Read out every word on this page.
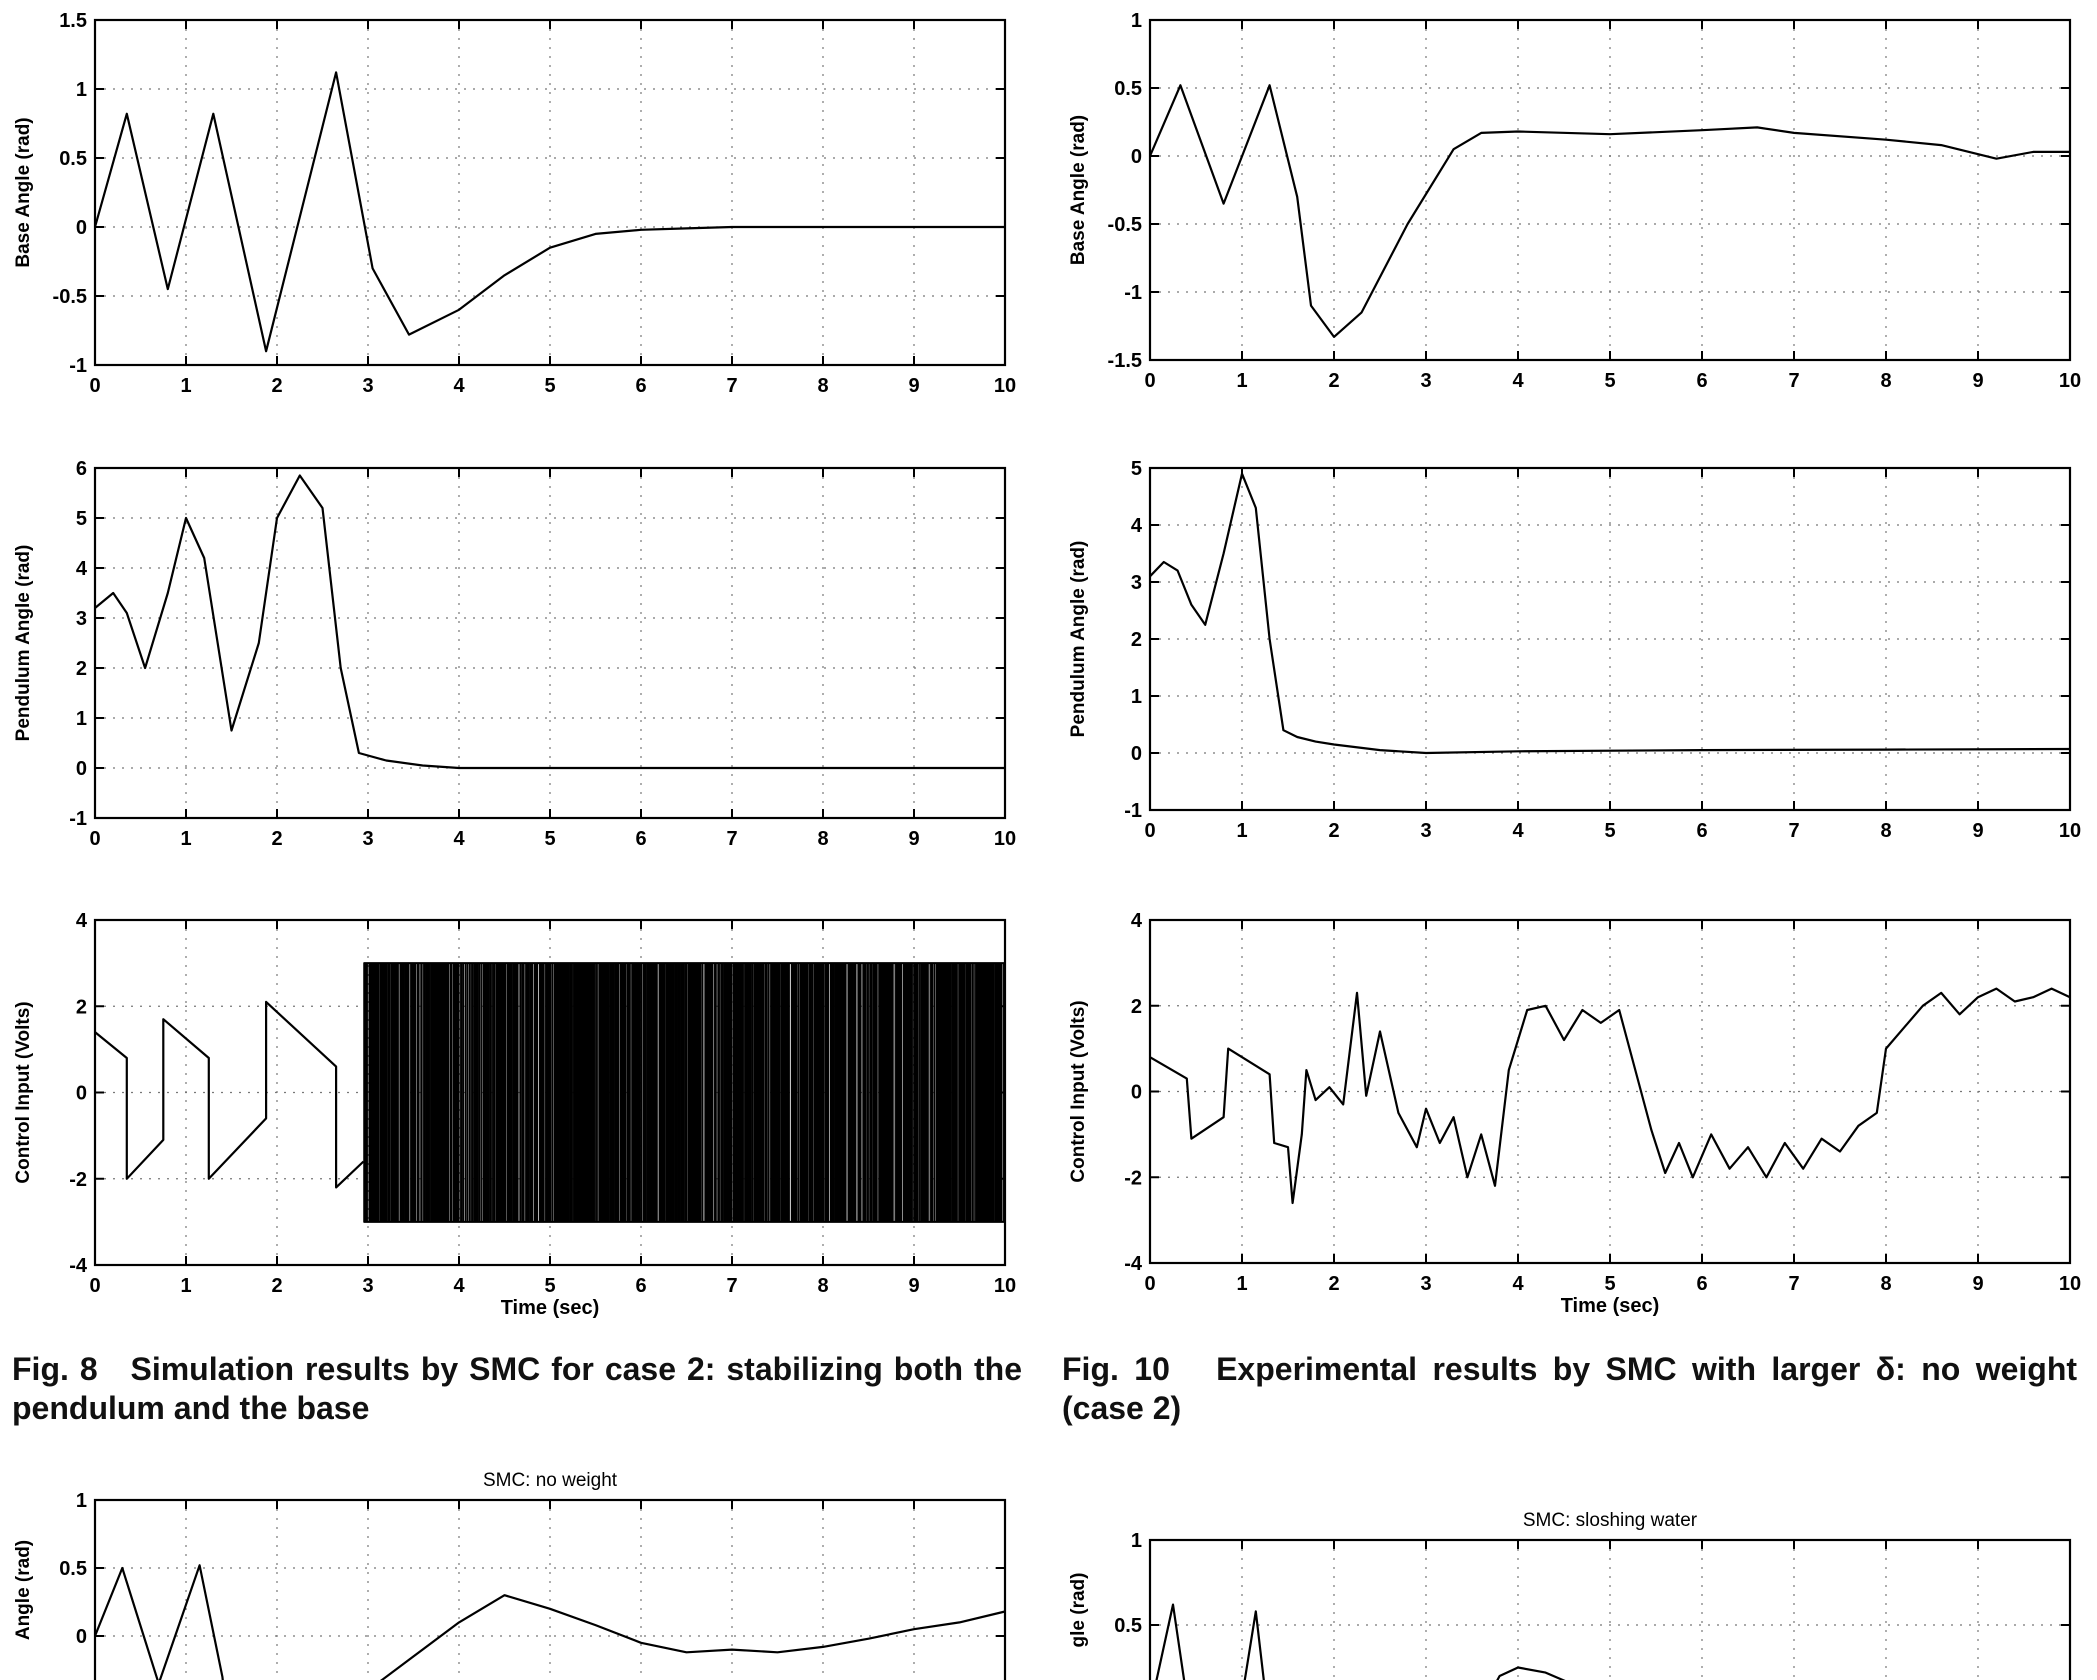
0	1	2	3	4	5	6	7	8	9	10
-1
-0.5
0
0.5
1
1.5
Base Angle (rad)
0	1	2	3	4	5	6	7	8	9	10
-1.5
-1
-0.5
0
0.5
1
Base Angle (rad)
0	1	2	3	4	5	6	7	8	9	10
-1
0
1
2
3
4
5
6
Pendulum Angle (rad)
0	1	2	3	4	5	6	7	8	9	10
-1
0
1
2
3
4
5
Pendulum Angle (rad)
0	1	2	3	4	5	6	7	8	9	10
-4
-2
0
2
4
Control Input (Volts)
Time (sec)
0	1	2	3	4	5	6	7	8	9	10
-4
-2
0
2
4
Control Input (Volts)
Time (sec)
0
0.5
1
Angle (rad)
SMC: no weight
0.5
1
gle (rad)
SMC: sloshing water
Fig. 8 Simulation results by SMC for case 2: stabilizing both the pendulum and the base
Fig. 10 Experimental results by SMC with larger δ: no weight (case 2)
